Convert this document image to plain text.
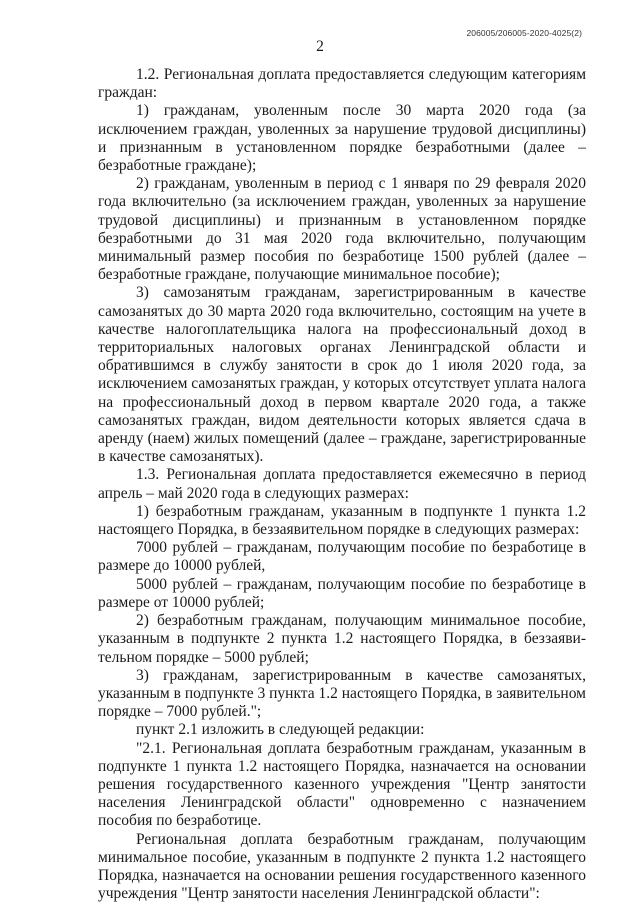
206005/206005-2020-4025(2)
2

1.2. Региональная доплата предоставляется следующим категориям граждан:

1) гражданам, уволенным после 30 марта 2020 года (за исключением граждан, уволенных за нарушение трудовой дисциплины) и признанным в установленном порядке безработными (далее – безработные граждане);

2) гражданам, уволенным в период с 1 января по 29 февраля 2020 года включительно (за исключением граждан, уволенных за нарушение трудовой дисциплины) и признанным в установленном порядке безработными до 31 мая 2020 года включительно, получающим минимальный размер пособия по безработице 1500 рублей (далее – безработные граждане, получающие минимальное пособие);

3) самозанятым гражданам, зарегистрированным в качестве самозанятых до 30 марта 2020 года включительно, состоящим на учете в качестве налогоплательщика налога на профессиональный доход в территориальных налоговых органах Ленинградской области и обратившимся в службу занятости в срок до 1 июля 2020 года, за исключением самозанятых граждан, у которых отсутствует уплата налога на профессиональный доход в первом квартале 2020 года, а также самозанятых граждан, видом деятельности которых является сдача в аренду (наем) жилых помещений (далее – граждане, зарегистрированные в качестве самозанятых).

1.3. Региональная доплата предоставляется ежемесячно в период апрель – май 2020 года в следующих размерах:

1) безработным гражданам, указанным в подпункте 1 пункта 1.2 настоящего Порядка, в беззаявительном порядке в следующих размерах:

7000 рублей – гражданам, получающим пособие по безработице в размере до 10000 рублей,

5000 рублей – гражданам, получающим пособие по безработице в размере от 10000 рублей;

2) безработным гражданам, получающим минимальное пособие, указанным в подпункте 2 пункта 1.2 настоящего Порядка, в беззаявительном порядке – 5000 рублей;

3) гражданам, зарегистрированным в качестве самозанятых, указанным в подпункте 3 пункта 1.2 настоящего Порядка, в заявительном порядке – 7000 рублей.";

пункт 2.1 изложить в следующей редакции:

"2.1. Региональная доплата безработным гражданам, указанным в подпункте 1 пункта 1.2 настоящего Порядка, назначается на основании решения государственного казенного учреждения "Центр занятости населения Ленинградской области" одновременно с назначением пособия по безработице.

Региональная доплата безработным гражданам, получающим минимальное пособие, указанным в подпункте 2 пункта 1.2 настоящего Порядка, назначается на основании решения государственного казенного учреждения "Центр занятости населения Ленинградской области":
